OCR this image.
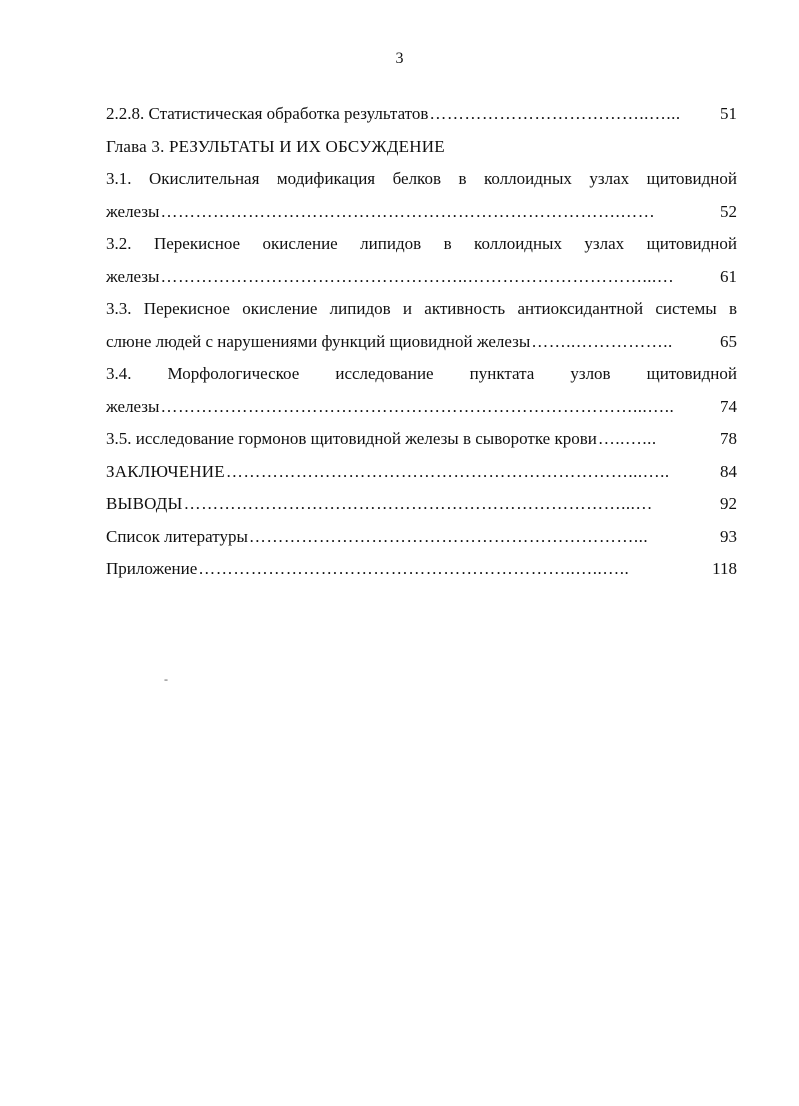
3
2.2.8. Статистическая обработка результатов ………………………………..…...	51
Глава 3. РЕЗУЛЬТАТЫ И ИХ ОБСУЖДЕНИЕ
3.1. Окислительная модификация белков в коллоидных узлах щитовидной
железы …………………………………………………………………….……	52
3.2. Перекисное окисление липидов в коллоидных узлах щитовидной
железы ……………………………………………..…………………………...…	61
3.3. Перекисное окисление липидов и активность антиоксидантной системы в
слюне людей с нарушениями функций щиовидной железы ……..……………..	65
3.4. Морфологическое исследование пунктата узлов щитовидной
железы ………………………………………………………………………...…..	74
3.5. исследование гормонов щитовидной железы в сыворотке крови …..…...	78
ЗАКЛЮЧЕНИЕ ……………………………………………………………...…..	84
ВЫВОДЫ …………………………………………………………………...…	92
Список литературы …………………………………………………………...	93
Приложение ………………………………………………………..…..…..	118
-
